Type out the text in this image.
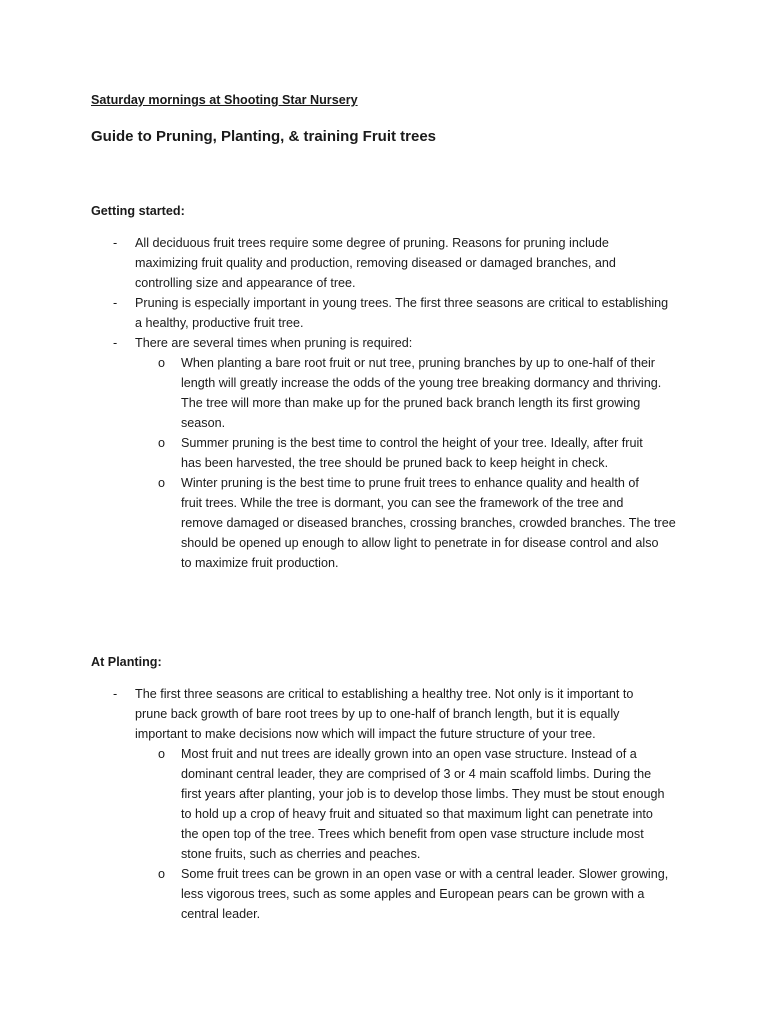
Saturday mornings at Shooting Star Nursery
Guide to Pruning, Planting, & training Fruit trees
Getting started:
- All deciduous fruit trees require some degree of pruning. Reasons for pruning include
maximizing fruit quality and production, removing diseased or damaged branches, and
controlling size and appearance of tree.
- Pruning is especially important in young trees. The first three seasons are critical to establishing
a healthy, productive fruit tree.
- There are several times when pruning is required:
o When planting a bare root fruit or nut tree, pruning branches by up to one-half of their
length will greatly increase the odds of the young tree breaking dormancy and thriving.
The tree will more than make up for the pruned back branch length its first growing
season.
o Summer pruning is the best time to control the height of your tree. Ideally, after fruit
has been harvested, the tree should be pruned back to keep height in check.
o Winter pruning is the best time to prune fruit trees to enhance quality and health of
fruit trees. While the tree is dormant, you can see the framework of the tree and
remove damaged or diseased branches, crossing branches, crowded branches. The tree
should be opened up enough to allow light to penetrate in for disease control and also
to maximize fruit production.
At Planting:
- The first three seasons are critical to establishing a healthy tree. Not only is it important to
prune back growth of bare root trees by up to one-half of branch length, but it is equally
important to make decisions now which will impact the future structure of your tree.
o Most fruit and nut trees are ideally grown into an open vase structure. Instead of a
dominant central leader, they are comprised of 3 or 4 main scaffold limbs. During the
first years after planting, your job is to develop those limbs. They must be stout enough
to hold up a crop of heavy fruit and situated so that maximum light can penetrate into
the open top of the tree. Trees which benefit from open vase structure include most
stone fruits, such as cherries and peaches.
o Some fruit trees can be grown in an open vase or with a central leader. Slower growing,
less vigorous trees, such as some apples and European pears can be grown with a
central leader.
